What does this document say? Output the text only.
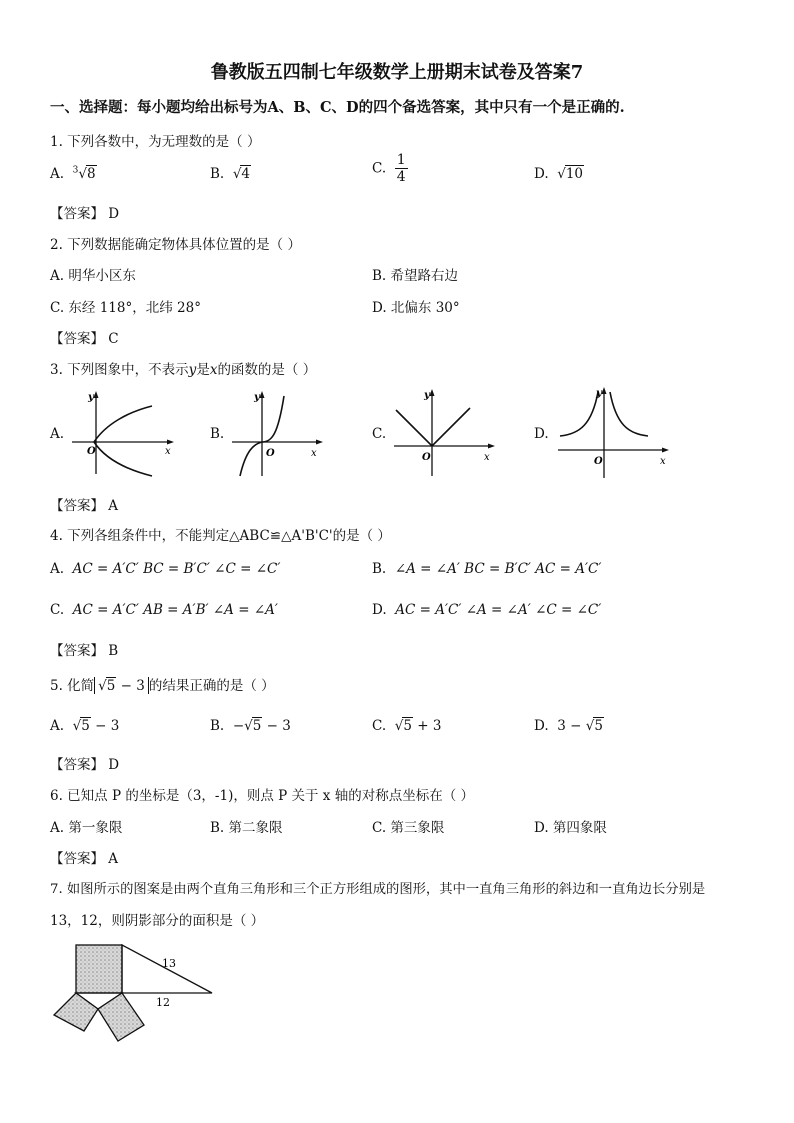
鲁教版五四制七年级数学上册期末试卷及答案7
一、选择题：每小题均给出标号为A、B、C、D的四个备选答案，其中只有一个是正确的.
1. 下列各数中，为无理数的是（ ）
A. $^3$√8	B. √4	C. $\frac{1}{4}$	D. √10
【答案】 D
2. 下列数据能确定物体具体位置的是（ ）
A. 明华小区东	B. 希望路右边
C. 东经 118°，北纬 28°	D. 北偏东 30°
【答案】 C
3. 下列图象中，不表示y是x的函数的是（ ）
A.
y
x
O
B.
y
x
O
C.
y
x
O
D.
y
x
O
【答案】 A
4. 下列各组条件中，不能判定△ABC≌△A'B'C'的是（ ）
A. AC = A′C′ BC = B′C′ ∠C = ∠C′	B. ∠A = ∠A′ BC = B′C′ AC = A′C′
C. AC = A′C′ AB = A′B′ ∠A = ∠A′	D. AC = A′C′ ∠A = ∠A′ ∠C = ∠C′
【答案】 B
5. 化简 √5 − 3 的结果正确的是（ ）
A. √5 − 3	B. −√5 − 3	C. √5 + 3	D. 3 − √5
【答案】 D
6. 已知点 P 的坐标是（3，-1)，则点 P 关于 x 轴的对称点坐标在（ ）
A. 第一象限	B. 第二象限	C. 第三象限	D. 第四象限
【答案】 A
7. 如图所示的图案是由两个直角三角形和三个正方形组成的图形，其中一直角三角形的斜边和一直角边长分别是
13，12，则阴影部分的面积是（ ）
13
12
